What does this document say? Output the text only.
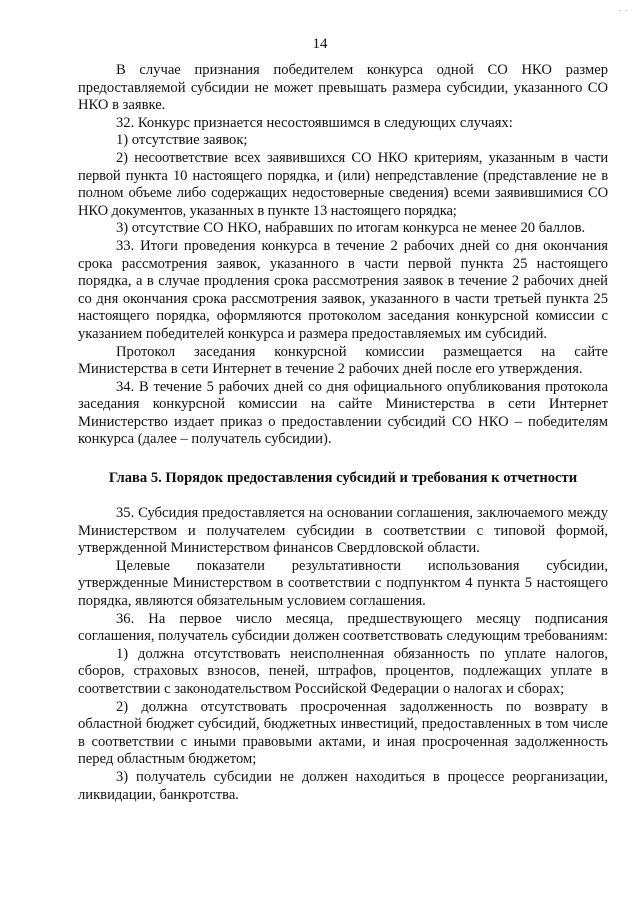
- -
14

В случае признания победителем конкурса одной СО НКО размер предоставляемой субсидии не может превышать размера субсидии, указанного СО НКО в заявке.

32. Конкурс признается несостоявшимся в следующих случаях:

1) отсутствие заявок;

2) несоответствие всех заявившихся СО НКО критериям, указанным в части первой пункта 10 настоящего порядка, и (или) непредставление (представление не в полном объеме либо содержащих недостоверные сведения) всеми заявившимися СО НКО документов, указанных в пункте 13 настоящего порядка;

3) отсутствие СО НКО, набравших по итогам конкурса не менее 20 баллов.

33. Итоги проведения конкурса в течение 2 рабочих дней со дня окончания срока рассмотрения заявок, указанного в части первой пункта 25 настоящего порядка, а в случае продления срока рассмотрения заявок в течение 2 рабочих дней со дня окончания срока рассмотрения заявок, указанного в части третьей пункта 25 настоящего порядка, оформляются протоколом заседания конкурсной комиссии с указанием победителей конкурса и размера предоставляемых им субсидий.

Протокол заседания конкурсной комиссии размещается на сайте Министерства в сети Интернет в течение 2 рабочих дней после его утверждения.

34. В течение 5 рабочих дней со дня официального опубликования протокола заседания конкурсной комиссии на сайте Министерства в сети Интернет Министерство издает приказ о предоставлении субсидий СО НКО – победителям конкурса (далее – получатель субсидии).

Глава 5. Порядок предоставления субсидий и требования к отчетности

35. Субсидия предоставляется на основании соглашения, заключаемого между Министерством и получателем субсидии в соответствии с типовой формой, утвержденной Министерством финансов Свердловской области.

Целевые показатели результативности использования субсидии, утвержденные Министерством в соответствии с подпунктом 4 пункта 5 настоящего порядка, являются обязательным условием соглашения.

36. На первое число месяца, предшествующего месяцу подписания соглашения, получатель субсидии должен соответствовать следующим требованиям:

1) должна отсутствовать неисполненная обязанность по уплате налогов, сборов, страховых взносов, пеней, штрафов, процентов, подлежащих уплате в соответствии с законодательством Российской Федерации о налогах и сборах;

2) должна отсутствовать просроченная задолженность по возврату в областной бюджет субсидий, бюджетных инвестиций, предоставленных в том числе в соответствии с иными правовыми актами, и иная просроченная задолженность перед областным бюджетом;

3) получатель субсидии не должен находиться в процессе реорганизации, ликвидации, банкротства.
